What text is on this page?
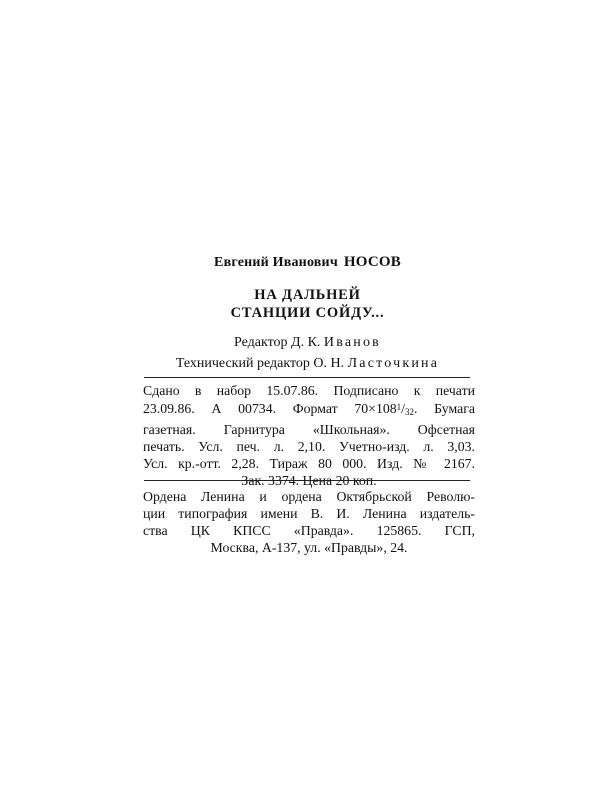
Евгений Иванович НОСОВ
НА ДАЛЬНЕЙ
СТАНЦИИ СОЙДУ...
Редактор Д. К. Иванов
Технический редактор О. Н. Ласточкина
Сдано в набор 15.07.86. Подписано к печати
23.09.86. А 00734. Формат $70\times 108^1/32$. Бумага
газетная. Гарнитура «Школьная». Офсетная
печать. Усл. печ. л. 2,10. Учетно-изд. л. 3,03.
Усл. кр.-отт. 2,28. Тираж 80 000. Изд. № 2167.
Зак. 3374. Цена 20 коп.
Ордена Ленина и ордена Октябрьской Револю-
ции типография имени В. И. Ленина издатель-
ства ЦК КПСС «Правда». 125865. ГСП,
Москва, А-137, ул. «Правды», 24.
